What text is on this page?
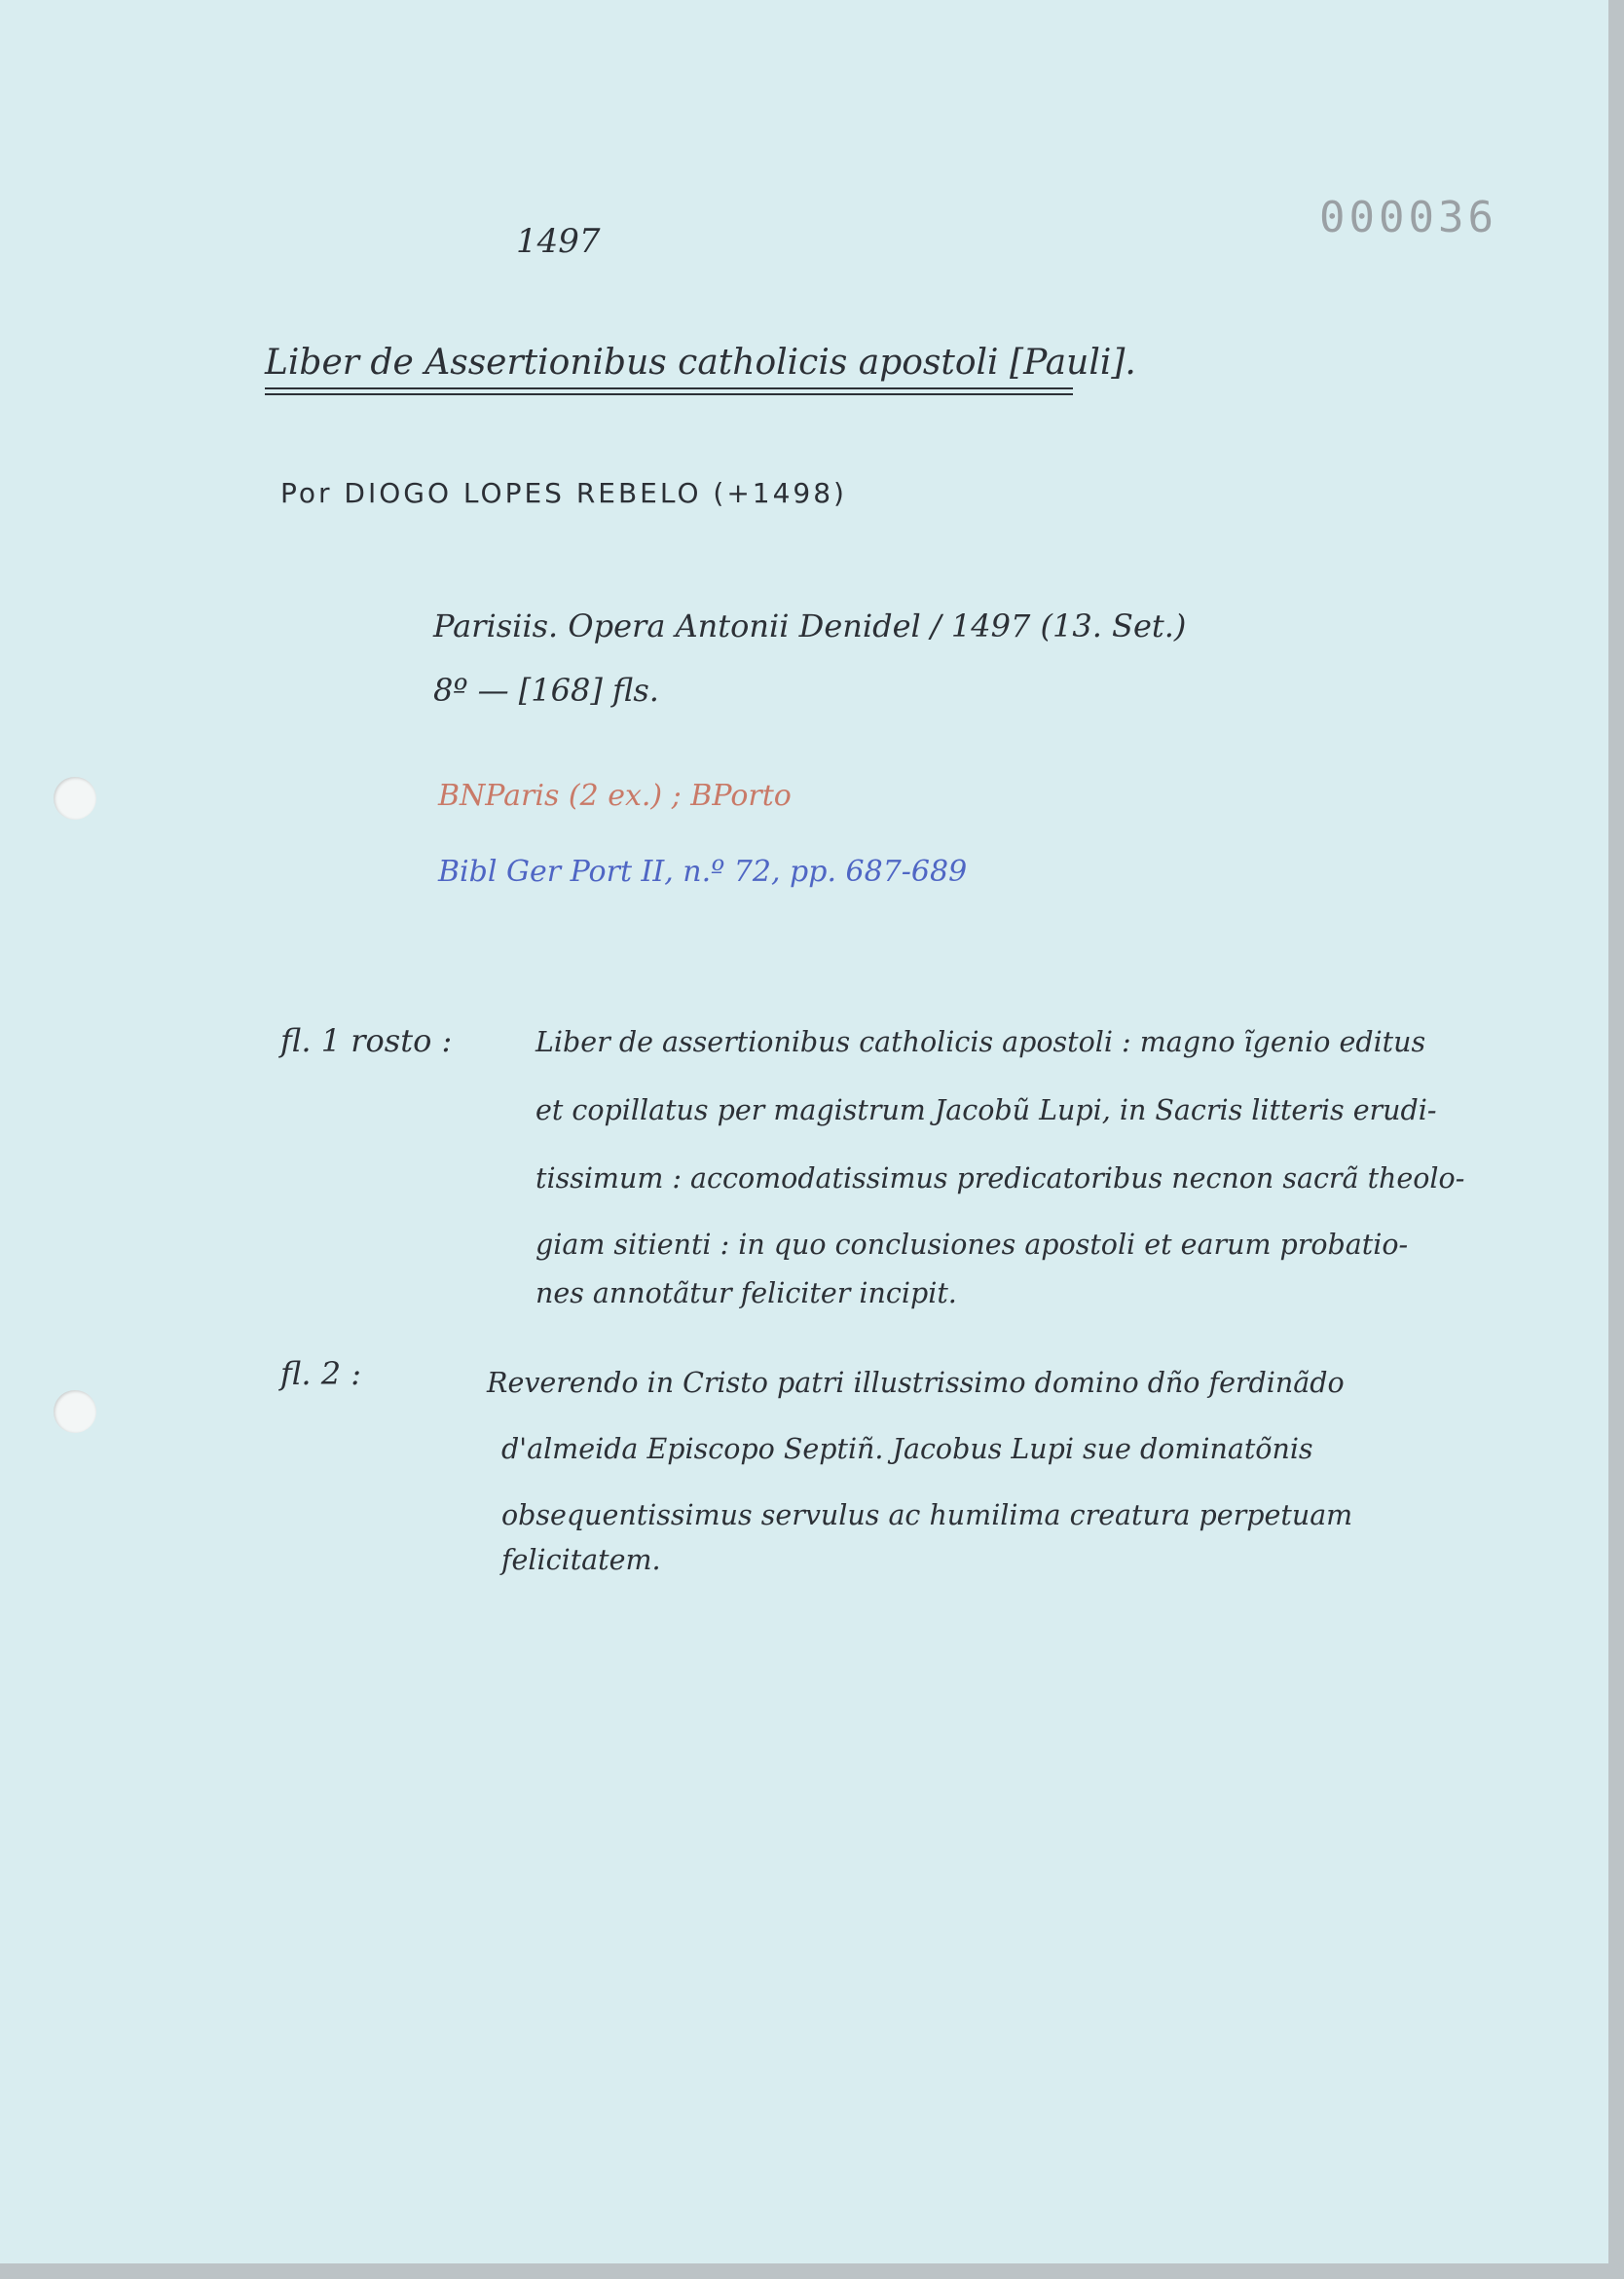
1497	000036
Liber de Assertionibus catholicis apostoli [Pauli].
Por DIOGO LOPES REBELO (+1498)
Parisiis. Opera Antonii Denidel / 1497 (13. Set.)
8º — [168] fls.
BNParis (2 ex.) ; BPorto
Bibl Ger Port II, n.º 72, pp. 687-689
fl. 1 rosto :	Liber de assertionibus catholicis apostoli : magno ĩgenio editus
et copillatus per magistrum Jacobũ Lupi, in Sacris litteris erudi-
tissimum : accomodatissimus predicatoribus necnon sacrã theolo-
giam sitienti : in quo conclusiones apostoli et earum probatio-
nes annotãtur feliciter incipit.
fl. 2 :	Reverendo in Cristo patri illustrissimo domino dño ferdinãdo
d'almeida Episcopo Septiñ. Jacobus Lupi sue dominatõnis
obsequentissimus servulus ac humilima creatura perpetuam
felicitatem.
